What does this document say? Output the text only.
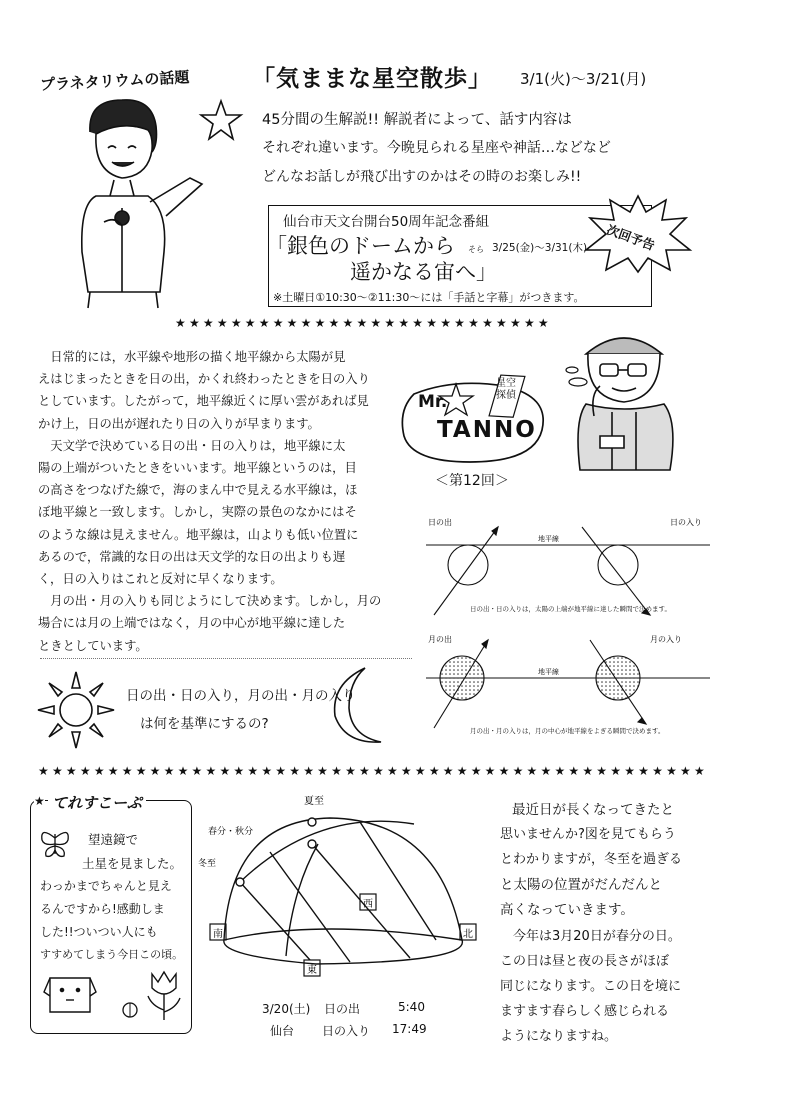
プラネタリウムの話題	「気ままな星空散歩」 3/1(火)～3/21(月)
45分間の生解説!! 解説者によって、話す内容は
それぞれ違います。今晩見られる星座や神話…などなど
どんなお話しが飛び出すのかはその時のお楽しみ!!
仙台市天文台開台50周年記念番組
「銀色のドームから そら 3/25(金)～3/31(木)
遥かなる宙へ」
※土曜日①10:30～②11:30～には「手話と字幕」がつきます。
次回予告
★★★★★★★★★★★★★★★★★★★★★★★★★★★
　日常的には，水平線や地形の描く地平線から太陽が見
えはじまったときを日の出，かくれ終わったときを日の入り
としています。したがって，地平線近くに厚い雲があれば見
かけ上，日の出が遅れたり日の入りが早まります。
　天文学で決めている日の出・日の入りは，地平線に太
陽の上端がついたときをいいます。地平線というのは，目
の高さをつなげた線で，海のまん中で見える水平線は，ほ
ぼ地平線と一致します。しかし，実際の景色のなかにはそ
のような線は見えません。地平線は，山よりも低い位置に
あるので，常識的な日の出は天文学的な日の出よりも遅
く，日の入りはこれと反対に早くなります。
　月の出・月の入りも同じようにして決めます。しかし，月の
場合には月の上端ではなく，月の中心が地平線に達した
ときとしています。
日の出・日の入り，月の出・月の入り
は何を基準にするの?
Mr.
TANNO
星空
探偵
＜第12回＞
日の出	日の入り
地平線
日の出・日の入りは，太陽の上端が地平線に達した瞬間で決めます。
月の出	月の入り
地平線
月の出・月の入りは，月の中心が地平線をよぎる瞬間で決めます。
★★★★★★★★★★★★★★★★★★★★★★★★★★★★★★★★★★★★★★★★★★★★★★★★
てれすこーぷ
★
望遠鏡で
土星を見ました。
わっかまでちゃんと見え
るんですから!感動しま
した!!ついつい人にも
すすめてしまう今日この頃。
夏至
春分・秋分
冬至
西
南	北
東
3/20(土) 日の出	5:40
仙台 日の入り 17:49
最近日が長くなってきたと
思いませんか?図を見てもらう
とわかりますが，冬至を過ぎる
と太陽の位置がだんだんと
高くなっていきます。
　今年は3月20日が春分の日。
この日は昼と夜の長さがほぼ
同じになります。この日を境に
ますます春らしく感じられる
ようになりますね。
